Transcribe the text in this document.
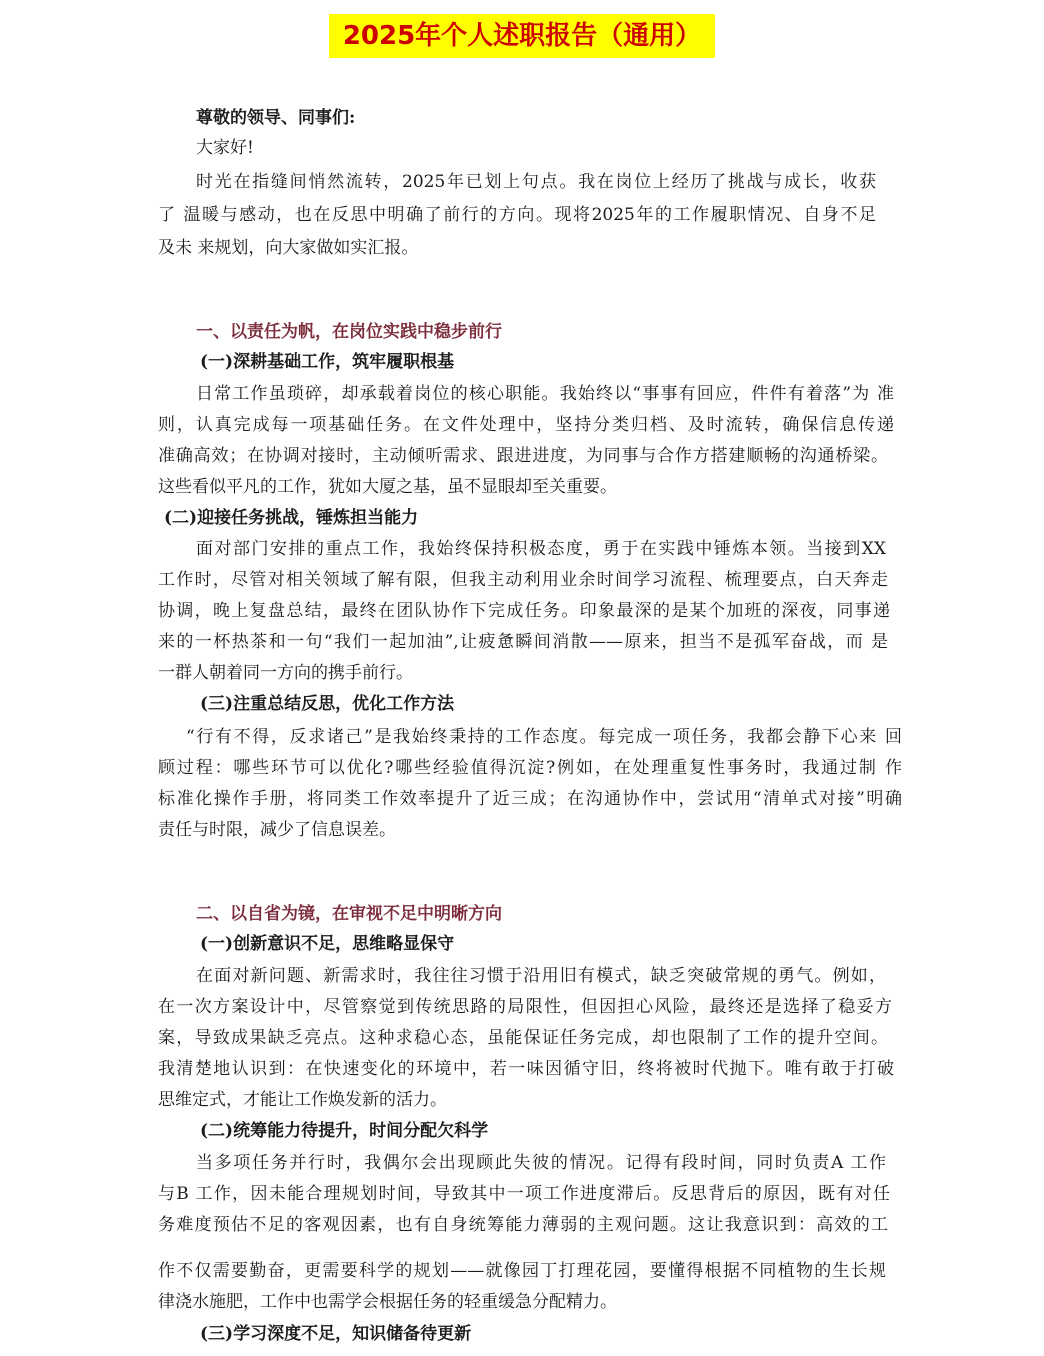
2025年个人述职报告（通用）
尊敬的领导、同事们:
大家好!
时光在指缝间悄然流转，2025年已划上句点。我在岗位上经历了挑战与成长，收获
了 温暖与感动，也在反思中明确了前行的方向。现将2025年的工作履职情况、自身不足
及未 来规划，向大家做如实汇报。
一、以责任为帆，在岗位实践中稳步前行
(一)深耕基础工作，筑牢履职根基
日常工作虽琐碎，却承载着岗位的核心职能。我始终以“事事有回应，件件有着落”为 准
则，认真完成每一项基础任务。在文件处理中，坚持分类归档、及时流转，确保信息传递
准确高效；在协调对接时，主动倾听需求、跟进进度，为同事与合作方搭建顺畅的沟通桥梁。
这些看似平凡的工作，犹如大厦之基，虽不显眼却至关重要。
(二)迎接任务挑战，锤炼担当能力
面对部门安排的重点工作，我始终保持积极态度，勇于在实践中锤炼本领。当接到XX
工作时，尽管对相关领域了解有限，但我主动利用业余时间学习流程、梳理要点，白天奔走
协调，晚上复盘总结，最终在团队协作下完成任务。印象最深的是某个加班的深夜，同事递
来的一杯热茶和一句“我们一起加油”,让疲惫瞬间消散——原来，担当不是孤军奋战，而 是
一群人朝着同一方向的携手前行。
(三)注重总结反思，优化工作方法
“行有不得，反求诸己”是我始终秉持的工作态度。每完成一项任务，我都会静下心来 回
顾过程：哪些环节可以优化?哪些经验值得沉淀?例如，在处理重复性事务时，我通过制 作
标准化操作手册，将同类工作效率提升了近三成；在沟通协作中，尝试用“清单式对接”明确
责任与时限，减少了信息误差。
二、以自省为镜，在审视不足中明晰方向
(一)创新意识不足，思维略显保守
在面对新问题、新需求时，我往往习惯于沿用旧有模式，缺乏突破常规的勇气。例如，
在一次方案设计中，尽管察觉到传统思路的局限性，但因担心风险，最终还是选择了稳妥方
案，导致成果缺乏亮点。这种求稳心态，虽能保证任务完成，却也限制了工作的提升空间。
我清楚地认识到：在快速变化的环境中，若一味因循守旧，终将被时代抛下。唯有敢于打破
思维定式，才能让工作焕发新的活力。
(二)统筹能力待提升，时间分配欠科学
当多项任务并行时，我偶尔会出现顾此失彼的情况。记得有段时间，同时负责A 工作
与B 工作，因未能合理规划时间，导致其中一项工作进度滞后。反思背后的原因，既有对任
务难度预估不足的客观因素，也有自身统筹能力薄弱的主观问题。这让我意识到：高效的工
作不仅需要勤奋，更需要科学的规划——就像园丁打理花园，要懂得根据不同植物的生长规
律浇水施肥，工作中也需学会根据任务的轻重缓急分配精力。
(三)学习深度不足，知识储备待更新
